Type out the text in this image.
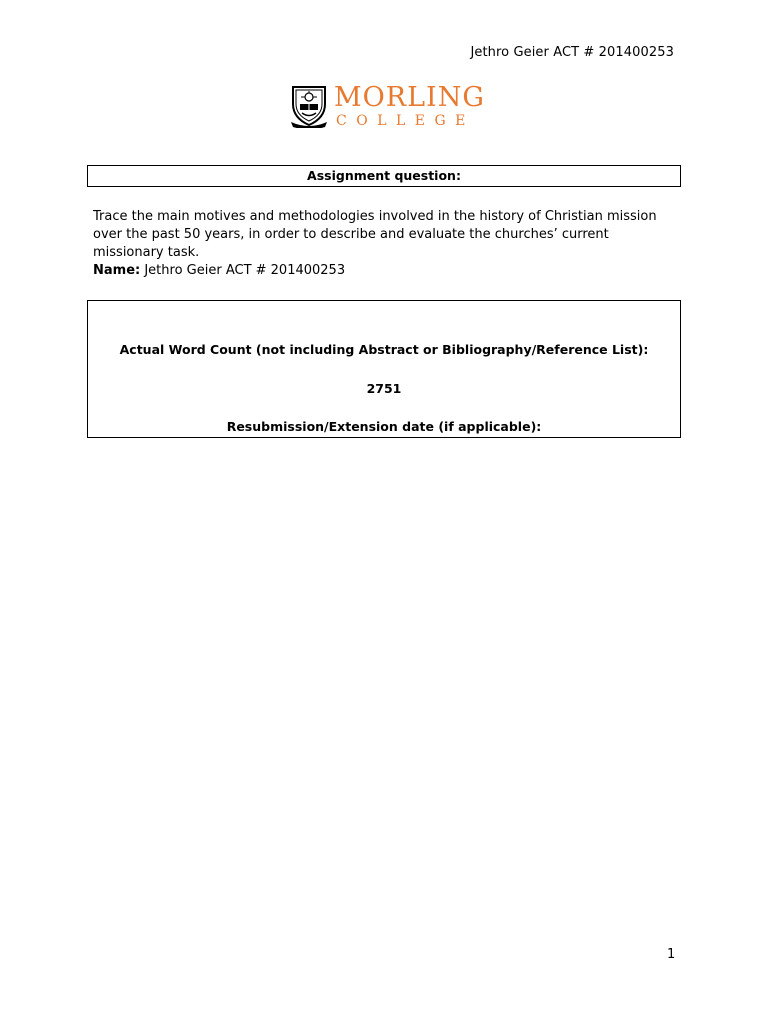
Jethro Geier ACT # 201400253
MORLING
COLLEGE
Assignment question:
Trace the main motives and methodologies involved in the history of Christian mission over the past 50 years, in order to describe and evaluate the churches’ current missionary task.
Name: Jethro Geier ACT # 201400253
Actual Word Count (not including Abstract or Bibliography/Reference List):
2751
Resubmission/Extension date (if applicable):
1
